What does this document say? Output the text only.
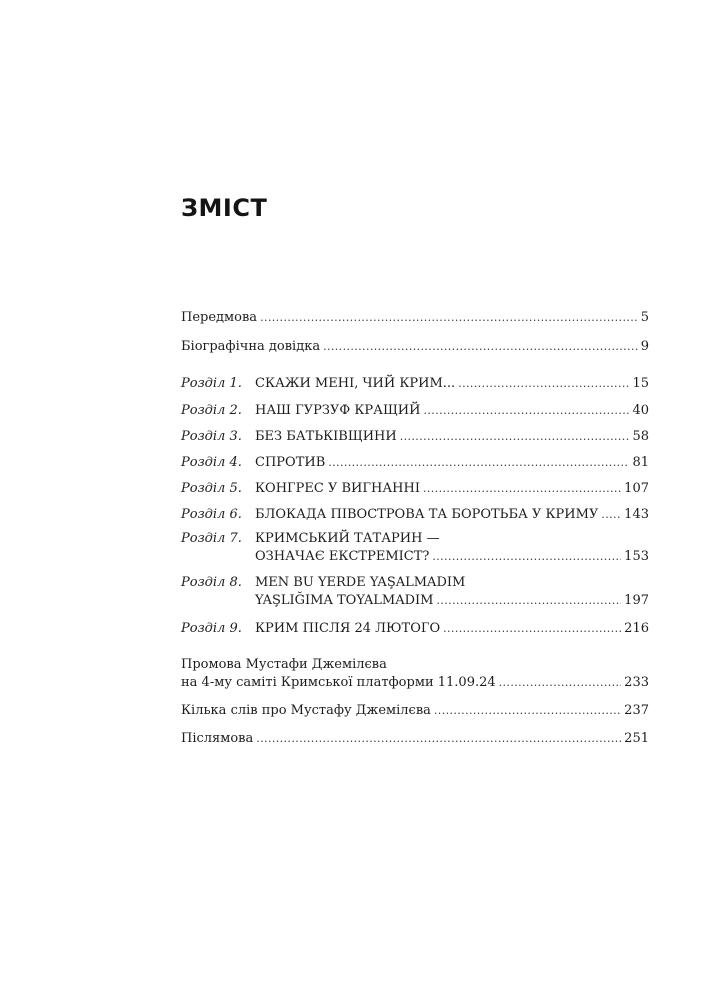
ЗМІСТ
Передмова .....	5
Біографічна довідка .....	9
Розділ 1.	СКАЖИ МЕНІ, ЧИЙ КРИМ... .....	15
Розділ 2.	НАШ ГУРЗУФ КРАЩИЙ .....	40
Розділ 3.	БЕЗ БАТЬКІВЩИНИ .....	58
Розділ 4.	СПРОТИВ .....	81
Розділ 5.	КОНГРЕС У ВИГНАННІ .....	107
Розділ 6.	БЛОКАДА ПІВОСТРОВА ТА БОРОТЬБА У КРИМУ ..... 143
Розділ 7. КРИМСЬКИЙ ТАТАРИН —
ОЗНАЧАЄ ЕКСТРЕМІСТ? .....	153
Розділ 8. MEN BU YERDE YAŞALMADIM
YAŞLIĞIMA TOYALMADIM .....	197
Розділ 9.	КРИМ ПІСЛЯ 24 ЛЮТОГО .....	216
Промова Мустафи Джемілєва
на 4-му саміті Кримської платформи 11.09.24 .....	233
Кілька слів про Мустафу Джемілєва .....	237
Післямова .....	251
